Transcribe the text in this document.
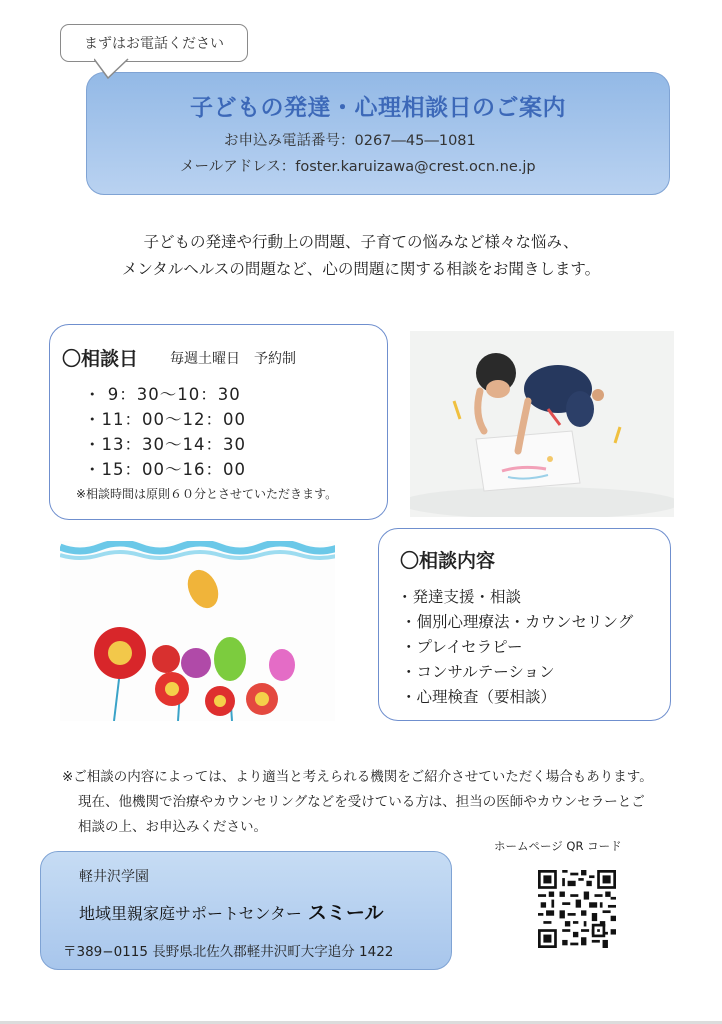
まずはお電話ください
子どもの発達・心理相談日のご案内
お申込み電話番号：0267―45―1081
メールアドレス：foster.karuizawa@crest.ocn.ne.jp
子どもの発達や行動上の問題、子育ての悩みなど様々な悩み、
メンタルヘルスの問題など、心の問題に関する相談をお聞きします。
〇相談日 毎週土曜日　予約制
・ 9：30～10：30
・11：00～12：00
・13：30～14：30
・15：00～16：00
※相談時間は原則６０分とさせていただきます。
〇相談内容
・発達支援・相談
・個別心理療法・カウンセリング
・プレイセラピー
・コンサルテーション
・心理検査（要相談）
※ご相談の内容によっては、より適当と考えられる機関をご紹介させていただく場合もあります。
現在、他機関で治療やカウンセリングなどを受けている方は、担当の医師やカウンセラーとご
相談の上、お申込みください。
軽井沢学園
地域里親家庭サポートセンター スミール
〒389−0115 長野県北佐久郡軽井沢町大字追分 1422
ホームページ QR コード
